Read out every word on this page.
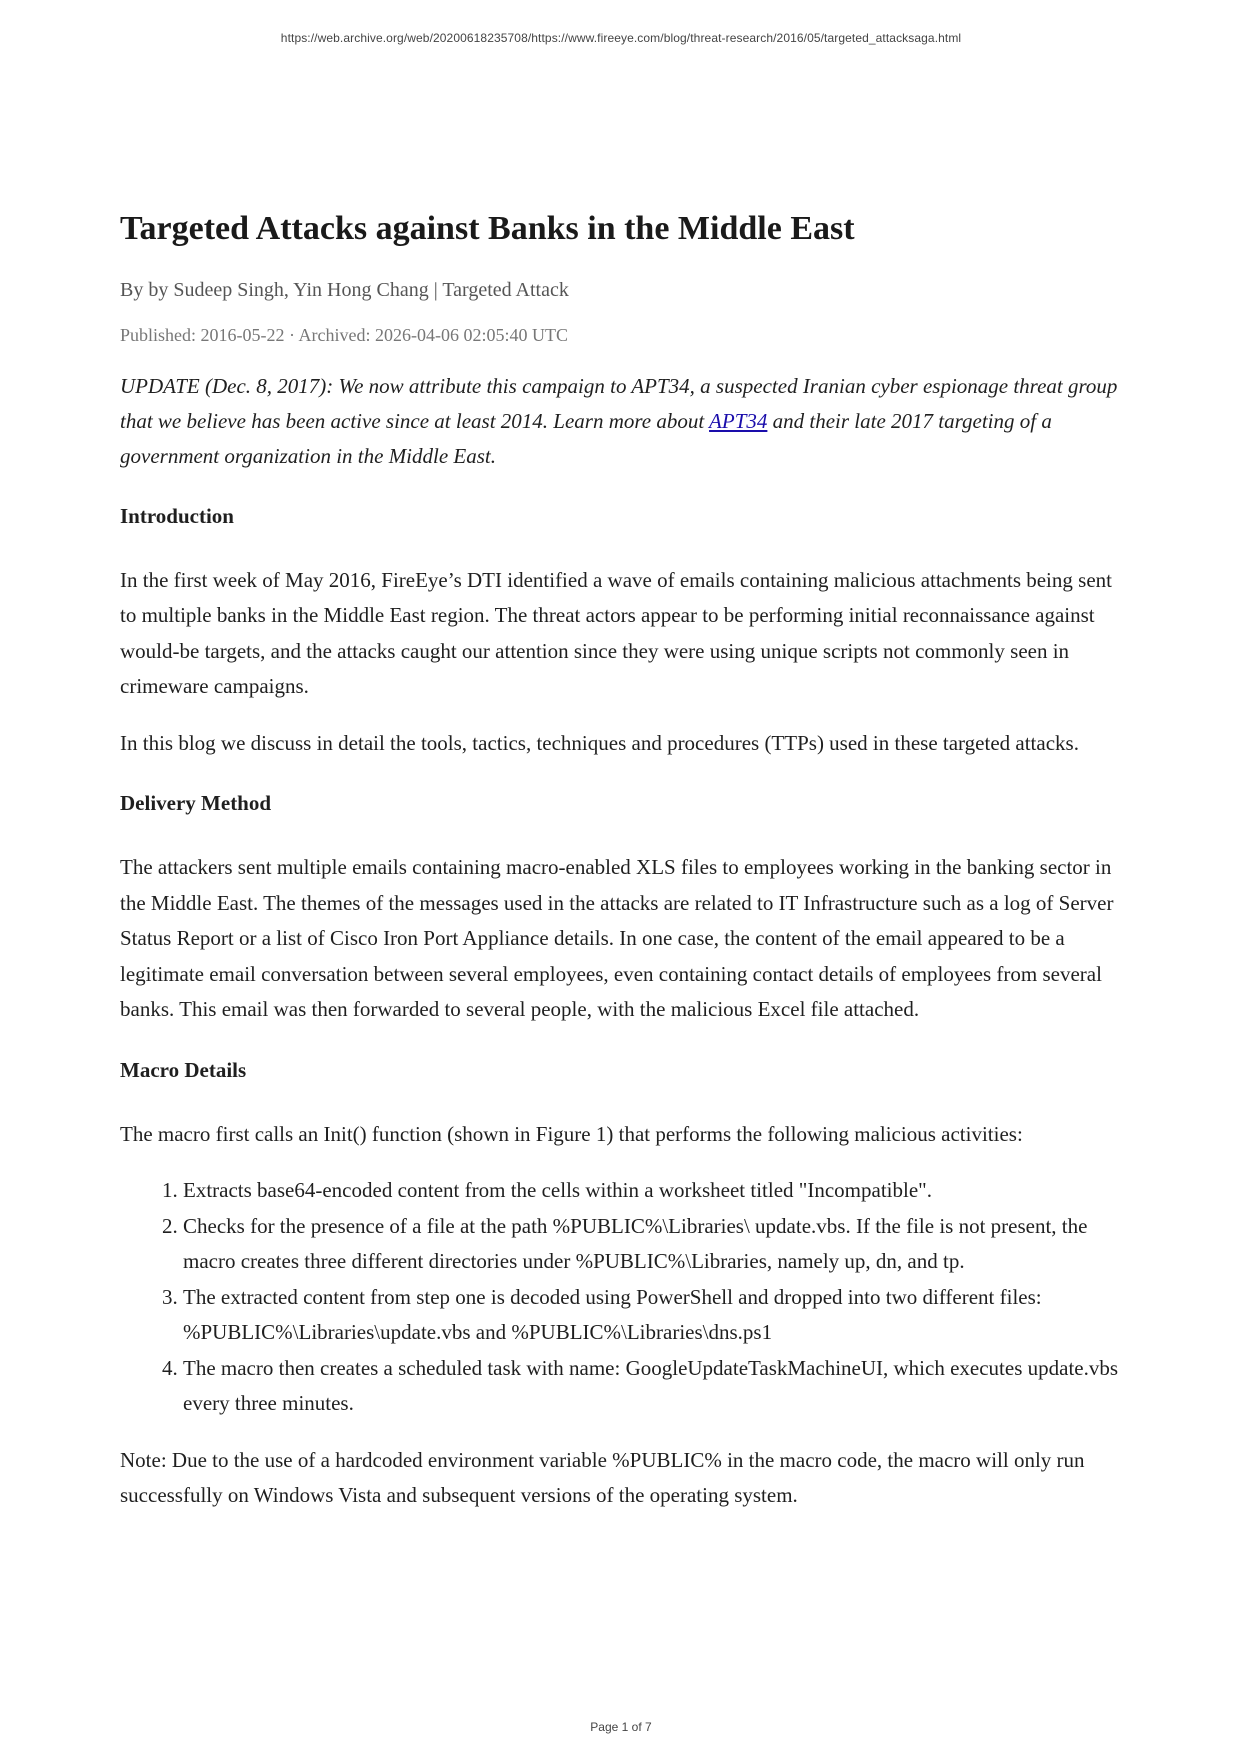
https://web.archive.org/web/20200618235708/https://www.fireeye.com/blog/threat-research/2016/05/targeted_attacksaga.html
Targeted Attacks against Banks in the Middle East
By by Sudeep Singh, Yin Hong Chang | Targeted Attack
Published: 2016-05-22 · Archived: 2026-04-06 02:05:40 UTC
UPDATE (Dec. 8, 2017): We now attribute this campaign to APT34, a suspected Iranian cyber espionage threat group that we believe has been active since at least 2014. Learn more about APT34 and their late 2017 targeting of a government organization in the Middle East.
Introduction

In the first week of May 2016, FireEye’s DTI identified a wave of emails containing malicious attachments being sent to multiple banks in the Middle East region. The threat actors appear to be performing initial reconnaissance against would-be targets, and the attacks caught our attention since they were using unique scripts not commonly seen in crimeware campaigns.

In this blog we discuss in detail the tools, tactics, techniques and procedures (TTPs) used in these targeted attacks.

Delivery Method

The attackers sent multiple emails containing macro-enabled XLS files to employees working in the banking sector in the Middle East. The themes of the messages used in the attacks are related to IT Infrastructure such as a log of Server Status Report or a list of Cisco Iron Port Appliance details. In one case, the content of the email appeared to be a legitimate email conversation between several employees, even containing contact details of employees from several banks. This email was then forwarded to several people, with the malicious Excel file attached.

Macro Details

The macro first calls an Init() function (shown in Figure 1) that performs the following malicious activities:

1. Extracts base64-encoded content from the cells within a worksheet titled "Incompatible".
2. Checks for the presence of a file at the path %PUBLIC%\Libraries\ update.vbs. If the file is not present, the macro creates three different directories under %PUBLIC%\Libraries, namely up, dn, and tp.
3. The extracted content from step one is decoded using PowerShell and dropped into two different files: %PUBLIC%\Libraries\update.vbs and %PUBLIC%\Libraries\dns.ps1
4. The macro then creates a scheduled task with name: GoogleUpdateTaskMachineUI, which executes update.vbs every three minutes.

Note: Due to the use of a hardcoded environment variable %PUBLIC% in the macro code, the macro will only run successfully on Windows Vista and subsequent versions of the operating system.

Page 1 of 7
